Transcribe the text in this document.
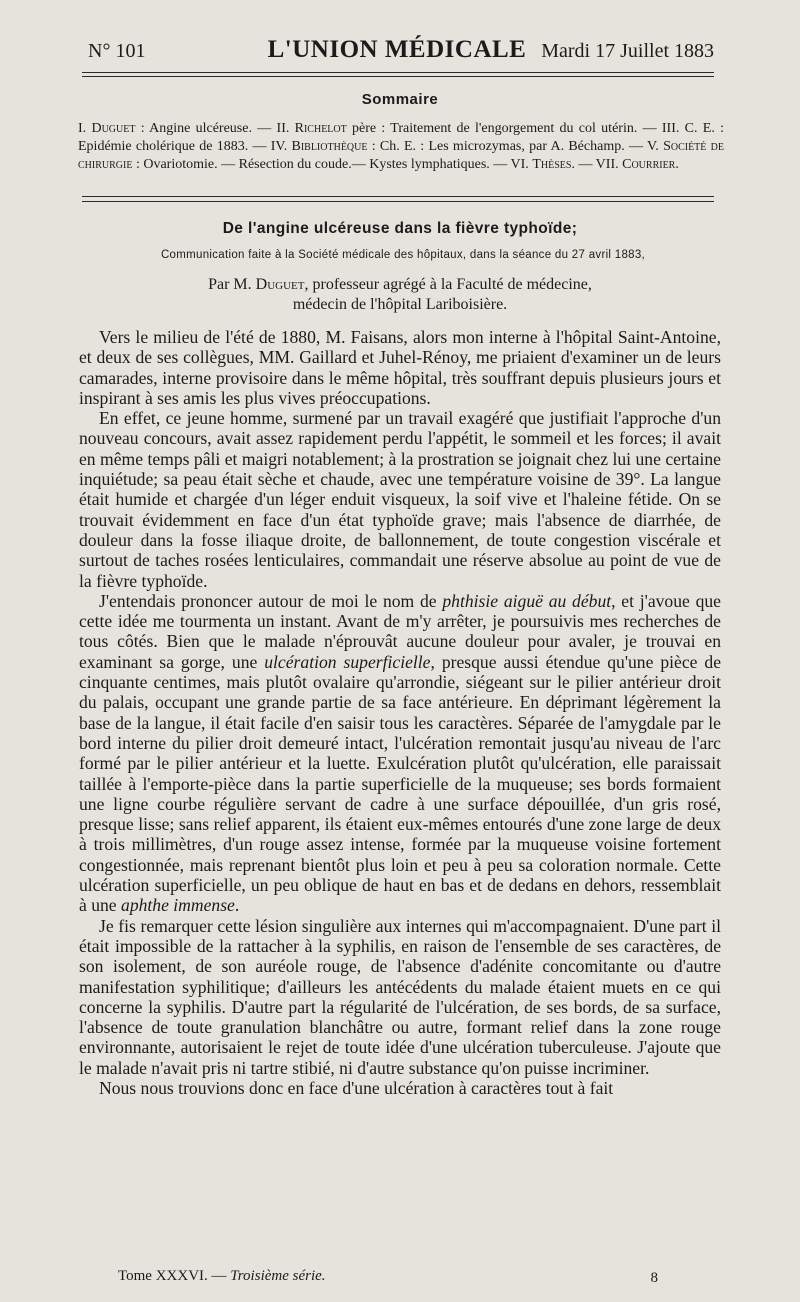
N° 101	L'UNION MÉDICALE Mardi 17 Juillet 1883
Sommaire
I. Duguet : Angine ulcéreuse. — II. Richelot père : Traitement de l'engorgement du col utérin. — III. C. E. : Epidémie cholérique de 1883. — IV. Bibliothèque : Ch. E. : Les microzymas, par A. Béchamp. — V. Société de chirurgie : Ovariotomie. — Résection du coude.— Kystes lymphatiques. — VI. Thèses. — VII. Courrier.
De l'angine ulcéreuse dans la fièvre typhoïde;
Communication faite à la Société médicale des hôpitaux, dans la séance du 27 avril 1883,
Par M. Duguet, professeur agrégé à la Faculté de médecine,
médecin de l'hôpital Lariboisière.

Vers le milieu de l'été de 1880, M. Faisans, alors mon interne à l'hôpital Saint-Antoine, et deux de ses collègues, MM. Gaillard et Juhel-Rénoy, me priaient d'examiner un de leurs camarades, interne provisoire dans le même hôpital, très souffrant depuis plusieurs jours et inspirant à ses amis les plus vives préoccupations.

En effet, ce jeune homme, surmené par un travail exagéré que justifiait l'approche d'un nouveau concours, avait assez rapidement perdu l'appétit, le sommeil et les forces; il avait en même temps pâli et maigri notablement; à la prostration se joignait chez lui une certaine inquiétude; sa peau était sèche et chaude, avec une température voisine de 39°. La langue était humide et chargée d'un léger enduit visqueux, la soif vive et l'haleine fétide. On se trouvait évidemment en face d'un état typhoïde grave; mais l'absence de diarrhée, de douleur dans la fosse iliaque droite, de ballonnement, de toute congestion viscérale et surtout de taches rosées lenticulaires, commandait une réserve absolue au point de vue de la fièvre typhoïde.

J'entendais prononcer autour de moi le nom de phthisie aiguë au début, et j'avoue que cette idée me tourmenta un instant. Avant de m'y arrêter, je poursuivis mes recherches de tous côtés. Bien que le malade n'éprouvât aucune douleur pour avaler, je trouvai en examinant sa gorge, une ulcération superficielle, presque aussi étendue qu'une pièce de cinquante centimes, mais plutôt ovalaire qu'arrondie, siégeant sur le pilier antérieur droit du palais, occupant une grande partie de sa face antérieure. En déprimant légèrement la base de la langue, il était facile d'en saisir tous les caractères. Séparée de l'amygdale par le bord interne du pilier droit demeuré intact, l'ulcération remontait jusqu'au niveau de l'arc formé par le pilier antérieur et la luette. Exulcération plutôt qu'ulcération, elle paraissait taillée à l'emporte-pièce dans la partie superficielle de la muqueuse; ses bords formaient une ligne courbe régulière servant de cadre à une surface dépouillée, d'un gris rosé, presque lisse; sans relief apparent, ils étaient eux-mêmes entourés d'une zone large de deux à trois millimètres, d'un rouge assez intense, formée par la muqueuse voisine fortement congestionnée, mais reprenant bientôt plus loin et peu à peu sa coloration normale. Cette ulcération superficielle, un peu oblique de haut en bas et de dedans en dehors, ressemblait à une aphthe immense.

Je fis remarquer cette lésion singulière aux internes qui m'accompagnaient. D'une part il était impossible de la rattacher à la syphilis, en raison de l'ensemble de ses caractères, de son isolement, de son auréole rouge, de l'absence d'adénite concomitante ou d'autre manifestation syphilitique; d'ailleurs les antécédents du malade étaient muets en ce qui concerne la syphilis. D'autre part la régularité de l'ulcération, de ses bords, de sa surface, l'absence de toute granulation blanchâtre ou autre, formant relief dans la zone rouge environnante, autorisaient le rejet de toute idée d'une ulcération tuberculeuse. J'ajoute que le malade n'avait pris ni tartre stibié, ni d'autre substance qu'on puisse incriminer.

Nous nous trouvions donc en face d'une ulcération à caractères tout à fait

Tome XXXVI. — Troisième série.	8
